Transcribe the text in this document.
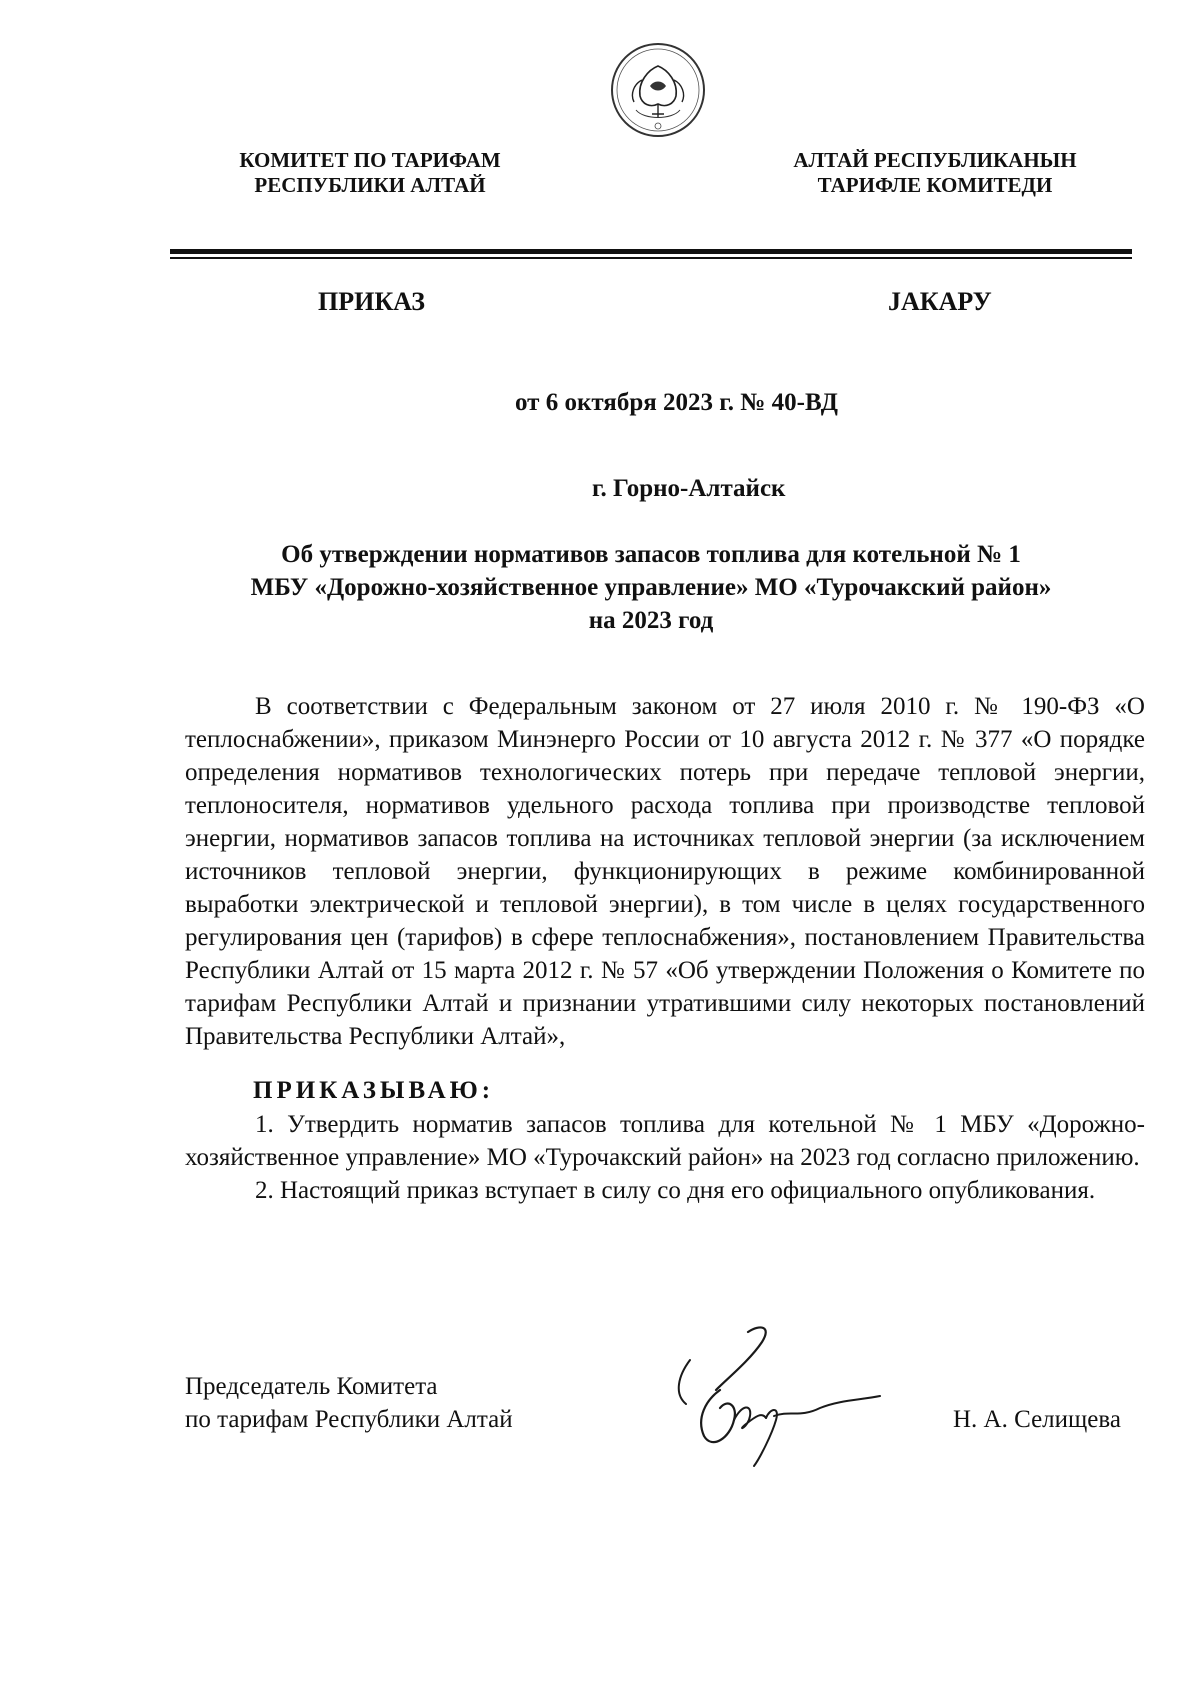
КОМИТЕТ ПО ТАРИФАМ
РЕСПУБЛИКИ АЛТАЙ
АЛТАЙ РЕСПУБЛИКАНЫН
ТАРИФЛЕ КОМИТЕДИ
ПРИКАЗ	JАКАРУ
от 6 октября 2023 г. № 40-ВД
г. Горно-Алтайск
Об утверждении нормативов запасов топлива для котельной № 1
МБУ «Дорожно-хозяйственное управление» МО «Турочакский район»
на 2023 год

В соответствии с Федеральным законом от 27 июля 2010 г. № 190-ФЗ «О теплоснабжении», приказом Минэнерго России от 10 августа 2012 г. № 377 «О порядке определения нормативов технологических потерь при передаче тепловой энергии, теплоносителя, нормативов удельного расхода топлива при производстве тепловой энергии, нормативов запасов топлива на источниках тепловой энергии (за исключением источников тепловой энергии, функционирующих в режиме комбинированной выработки электрической и тепловой энергии), в том числе в целях государственного регулирования цен (тарифов) в сфере теплоснабжения», постановлением Правительства Республики Алтай от 15 марта 2012 г. № 57 «Об утверждении Положения о Комитете по тарифам Республики Алтай и признании утратившими силу некоторых постановлений Правительства Республики Алтай»,

ПРИКАЗЫВАЮ:

1. Утвердить норматив запасов топлива для котельной № 1 МБУ «Дорожно-хозяйственное управление» МО «Турочакский район» на 2023 год согласно приложению.

2. Настоящий приказ вступает в силу со дня его официального опубликования.

Председатель Комитета
по тарифам Республики Алтай	Н. А. Селищева
